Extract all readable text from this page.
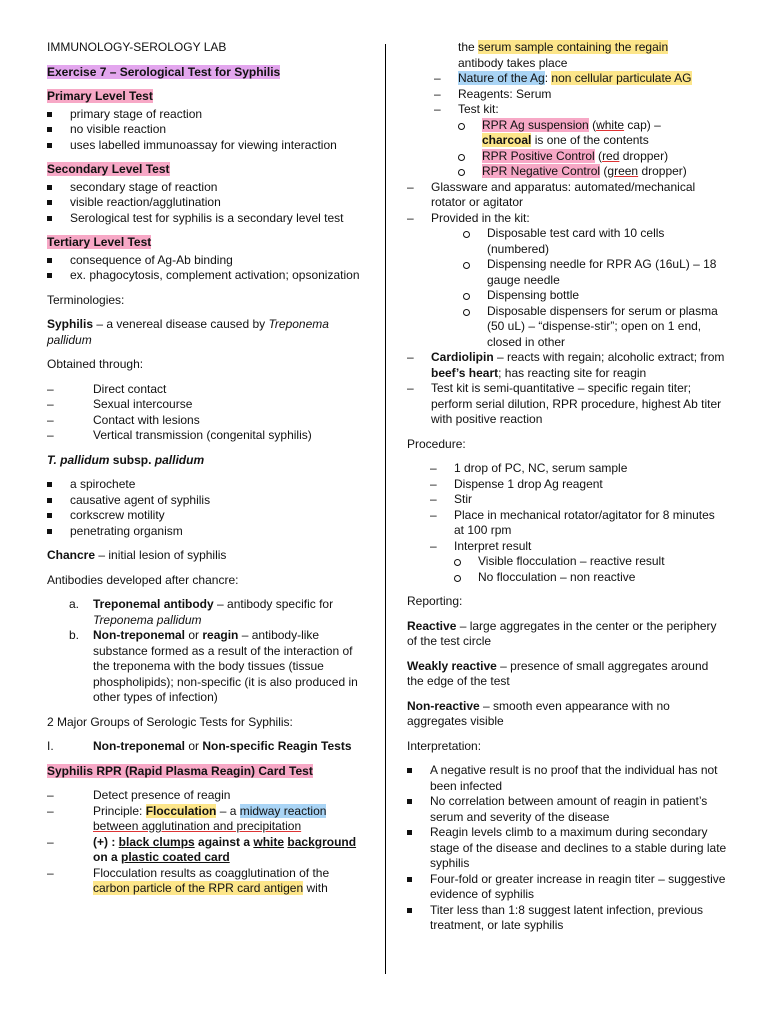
IMMUNOLOGY-SEROLOGY LAB

Exercise 7 – Serological Test for Syphilis

Primary Level Test

primary stage of reaction
no visible reaction
uses labelled immunoassay for viewing interaction

Secondary Level Test

secondary stage of reaction
visible reaction/agglutination
Serological test for syphilis is a secondary level test

Tertiary Level Test

consequence of Ag-Ab binding
ex. phagocytosis, complement activation; opsonization

Terminologies:

Syphilis – a venereal disease caused by Treponema pallidum

Obtained through:

–	Direct contact
–	Sexual intercourse
–	Contact with lesions
–	Vertical transmission (congenital syphilis)

T. pallidum subsp. pallidum

a spirochete
causative agent of syphilis
corkscrew motility
penetrating organism

Chancre – initial lesion of syphilis

Antibodies developed after chancre:

a.	Treponemal antibody – antibody specific for Treponema pallidum
b.	Non-treponemal or reagin – antibody-like substance formed as a result of the interaction of the treponema with the body tissues (tissue phospholipids); non-specific (it is also produced in other types of infection)

2 Major Groups of Serologic Tests for Syphilis:

I.	Non-treponemal or Non-specific Reagin Tests

Syphilis RPR (Rapid Plasma Reagin) Card Test

–	Detect presence of reagin
–	Principle: Flocculation – a midway reaction between agglutination and precipitation
–	(+) : black clumps against a white background on a plastic coated card
–	Flocculation results as coagglutination of the carbon particle of the RPR card antigen with

the serum sample containing the regain

antibody takes place

–	Nature of the Ag: non cellular particulate AG
–	Reagents: Serum
–	Test kit:
RPR Ag suspension (white cap) –
charcoal is one of the contents
RPR Positive Control (red dropper)
RPR Negative Control (green dropper)
–	Glassware and apparatus: automated/mechanical rotator or agitator
–	Provided in the kit:
Disposable test card with 10 cells (numbered)
Dispensing needle for RPR AG (16uL) – 18 gauge needle
Dispensing bottle
Disposable dispensers for serum or plasma (50 uL) – “dispense-stir”; open on 1 end, closed in other
–	Cardiolipin – reacts with regain; alcoholic extract; from beef’s heart; has reacting site for reagin
–	Test kit is semi-quantitative – specific regain titer; perform serial dilution, RPR procedure, highest Ab titer with positive reaction

Procedure:

–	1 drop of PC, NC, serum sample
–	Dispense 1 drop Ag reagent
–	Stir
–	Place in mechanical rotator/agitator for 8 minutes at 100 rpm
–	Interpret result
Visible flocculation – reactive result
No flocculation – non reactive

Reporting:

Reactive – large aggregates in the center or the periphery of the test circle

Weakly reactive – presence of small aggregates around the edge of the test

Non-reactive – smooth even appearance with no aggregates visible

Interpretation:

A negative result is no proof that the individual has not been infected
No correlation between amount of reagin in patient’s serum and severity of the disease
Reagin levels climb to a maximum during secondary stage of the disease and declines to a stable during late syphilis
Four-fold or greater increase in reagin titer – suggestive evidence of syphilis
Titer less than 1:8 suggest latent infection, previous treatment, or late syphilis
